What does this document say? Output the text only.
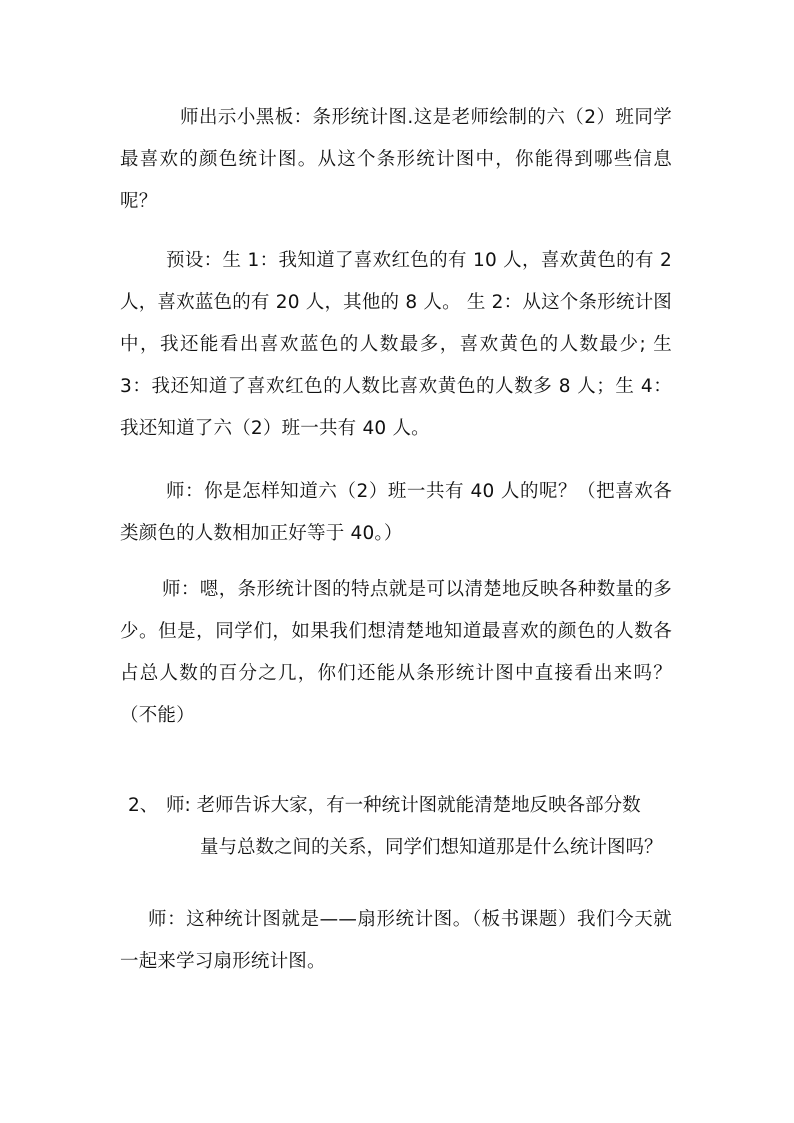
师出示小黑板：条形统计图.这是老师绘制的六（2）班同学最喜欢的颜色统计图。从这个条形统计图中，你能得到哪些信息呢？

预设：生 1：我知道了喜欢红色的有 10 人，喜欢黄色的有 2 人，喜欢蓝色的有 20 人，其他的 8 人。 生 2：从这个条形统计图中，我还能看出喜欢蓝色的人数最多，喜欢黄色的人数最少; 生 3：我还知道了喜欢红色的人数比喜欢黄色的人数多 8 人；生 4：我还知道了六（2）班一共有 40 人。

师：你是怎样知道六（2）班一共有 40 人的呢？（把喜欢各类颜色的人数相加正好等于 40。）

师：嗯，条形统计图的特点就是可以清楚地反映各种数量的多少。但是，同学们，如果我们想清楚地知道最喜欢的颜色的人数各占总人数的百分之几，你们还能从条形统计图中直接看出来吗？（不能）

2、 师: 老师告诉大家，有一种统计图就能清楚地反映各部分数
量与总数之间的关系，同学们想知道那是什么统计图吗？

师：这种统计图就是——扇形统计图。（板书课题）我们今天就一起来学习扇形统计图。
